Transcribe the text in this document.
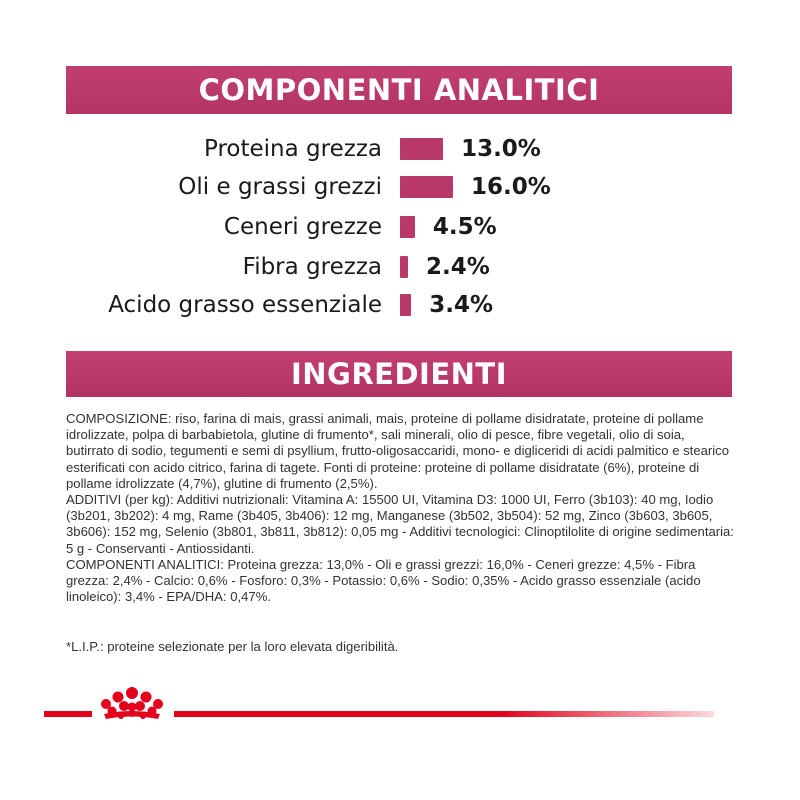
COMPONENTI ANALITICI
Proteina grezza	13.0%
Oli e grassi grezzi	16.0%
Ceneri grezze 4.5%
Fibra grezza 2.4%
Acido grasso essenziale 3.4%
INGREDIENTI

COMPOSIZIONE: riso, farina di mais, grassi animali, mais, proteine di pollame disidratate, proteine di pollame idrolizzate, polpa di barbabietola, glutine di frumento*, sali minerali, olio di pesce, fibre vegetali, olio di soia, butirrato di sodio, tegumenti e semi di psyllium, frutto-oligosaccaridi, mono- e digliceridi di acidi palmitico e stearico esterificati con acido citrico, farina di tagete. Fonti di proteine: proteine di pollame disidratate (6%), proteine di pollame idrolizzate (4,7%), glutine di frumento (2,5%).

ADDITIVI (per kg): Additivi nutrizionali: Vitamina A: 15500 UI, Vitamina D3: 1000 UI, Ferro (3b103): 40 mg, Iodio (3b201, 3b202): 4 mg, Rame (3b405, 3b406): 12 mg, Manganese (3b502, 3b504): 52 mg, Zinco (3b603, 3b605, 3b606): 152 mg, Selenio (3b801, 3b811, 3b812): 0,05 mg - Additivi tecnologici: Clinoptilolite di origine sedimentaria: 5 g - Conservanti - Antiossidanti.

COMPONENTI ANALITICI: Proteina grezza: 13,0% - Oli e grassi grezzi: 16,0% - Ceneri grezze: 4,5% - Fibra grezza: 2,4% - Calcio: 0,6% - Fosforo: 0,3% - Potassio: 0,6% - Sodio: 0,35% - Acido grasso essenziale (acido linoleico): 3,4% - EPA/DHA: 0,47%.

*L.I.P.: proteine selezionate per la loro elevata digeribilità.
